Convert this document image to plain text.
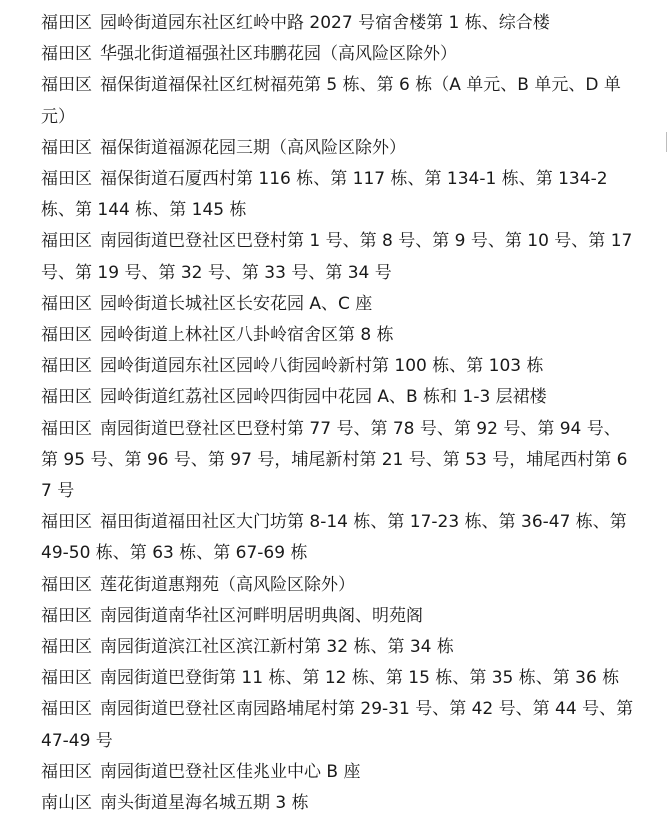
福田区 园岭街道园东社区红岭中路 2027 号宿舍楼第 1 栋、综合楼
福田区 华强北街道福强社区玮鹏花园（高风险区除外）
福田区 福保街道福保社区红树福苑第 5 栋、第 6 栋（A 单元、B 单元、D 单元）
福田区 福保街道福源花园三期（高风险区除外）
福田区 福保街道石厦西村第 116 栋、第 117 栋、第 134-1 栋、第 134-2 栋、第 144 栋、第 145 栋
福田区 南园街道巴登社区巴登村第 1 号、第 8 号、第 9 号、第 10 号、第 17 号、第 19 号、第 32 号、第 33 号、第 34 号
福田区 园岭街道长城社区长安花园 A、C 座
福田区 园岭街道上林社区八卦岭宿舍区第 8 栋
福田区 园岭街道园东社区园岭八街园岭新村第 100 栋、第 103 栋
福田区 园岭街道红荔社区园岭四街园中花园 A、B 栋和 1-3 层裙楼
福田区 南园街道巴登社区巴登村第 77 号、第 78 号、第 92 号、第 94 号、第 95 号、第 96 号、第 97 号，埔尾新村第 21 号、第 53 号，埔尾西村第 67 号
福田区 福田街道福田社区大门坊第 8-14 栋、第 17-23 栋、第 36-47 栋、第 49-50 栋、第 63 栋、第 67-69 栋
福田区 莲花街道惠翔苑（高风险区除外）
福田区 南园街道南华社区河畔明居明典阁、明苑阁
福田区 南园街道滨江社区滨江新村第 32 栋、第 34 栋
福田区 南园街道巴登街第 11 栋、第 12 栋、第 15 栋、第 35 栋、第 36 栋
福田区 南园街道巴登社区南园路埔尾村第 29-31 号、第 42 号、第 44 号、第 47-49 号
福田区 南园街道巴登社区佳兆业中心 B 座
南山区 南头街道星海名城五期 3 栋
